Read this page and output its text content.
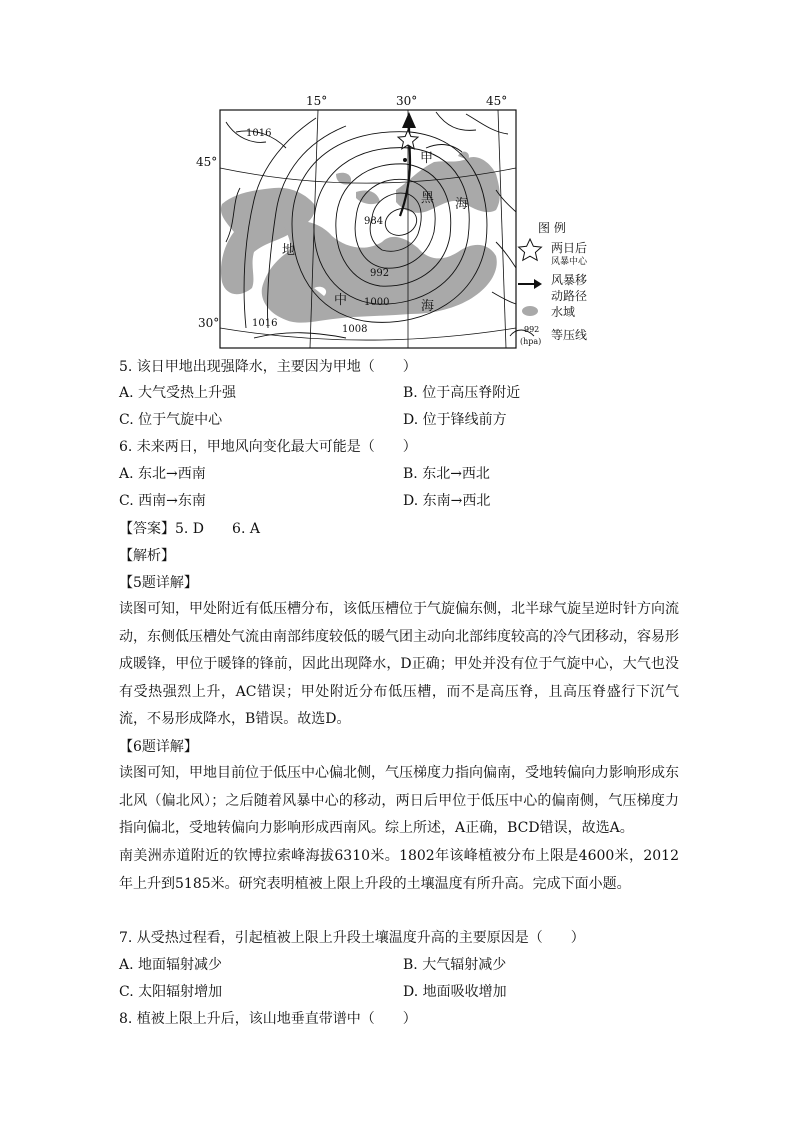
15°	30°	45°
45°
30°
1016
984
992
1000
1008
1016
甲
黑 海
地
中	海
图 例
两日后
风暴中心
风暴移
动路径
水域
992
(hpa) 等压线
5. 该日甲地出现强降水，主要因为甲地（　　）
A. 大气受热上升强	B. 位于高压脊附近
C. 位于气旋中心	D. 位于锋线前方
6. 未来两日，甲地风向变化最大可能是（　　）
A. 东北→西南	B. 东北→西北
C. 西南→东南	D. 东南→西北
【答案】5. D　　6. A
【解析】
【5题详解】
读图可知，甲处附近有低压槽分布，该低压槽位于气旋偏东侧，北半球气旋呈逆时针方向流动，东侧低压槽处气流由南部纬度较低的暖气团主动向北部纬度较高的冷气团移动，容易形成暖锋，甲位于暖锋的锋前，因此出现降水，D正确；甲处并没有位于气旋中心，大气也没有受热强烈上升，AC错误；甲处附近分布低压槽，而不是高压脊，且高压脊盛行下沉气流，不易形成降水，B错误。故选D。
【6题详解】
读图可知，甲地目前位于低压中心偏北侧，气压梯度力指向偏南，受地转偏向力影响形成东北风（偏北风）；之后随着风暴中心的移动，两日后甲位于低压中心的偏南侧，气压梯度力指向偏北，受地转偏向力影响形成西南风。综上所述，A正确，BCD错误，故选A。
南美洲赤道附近的钦博拉索峰海拔6310米。1802年该峰植被分布上限是4600米，2012年上升到5185米。研究表明植被上限上升段的土壤温度有所升高。完成下面小题。
7. 从受热过程看，引起植被上限上升段土壤温度升高的主要原因是（　　）
A. 地面辐射减少	B. 大气辐射减少
C. 太阳辐射增加	D. 地面吸收增加
8. 植被上限上升后，该山地垂直带谱中（　　）
